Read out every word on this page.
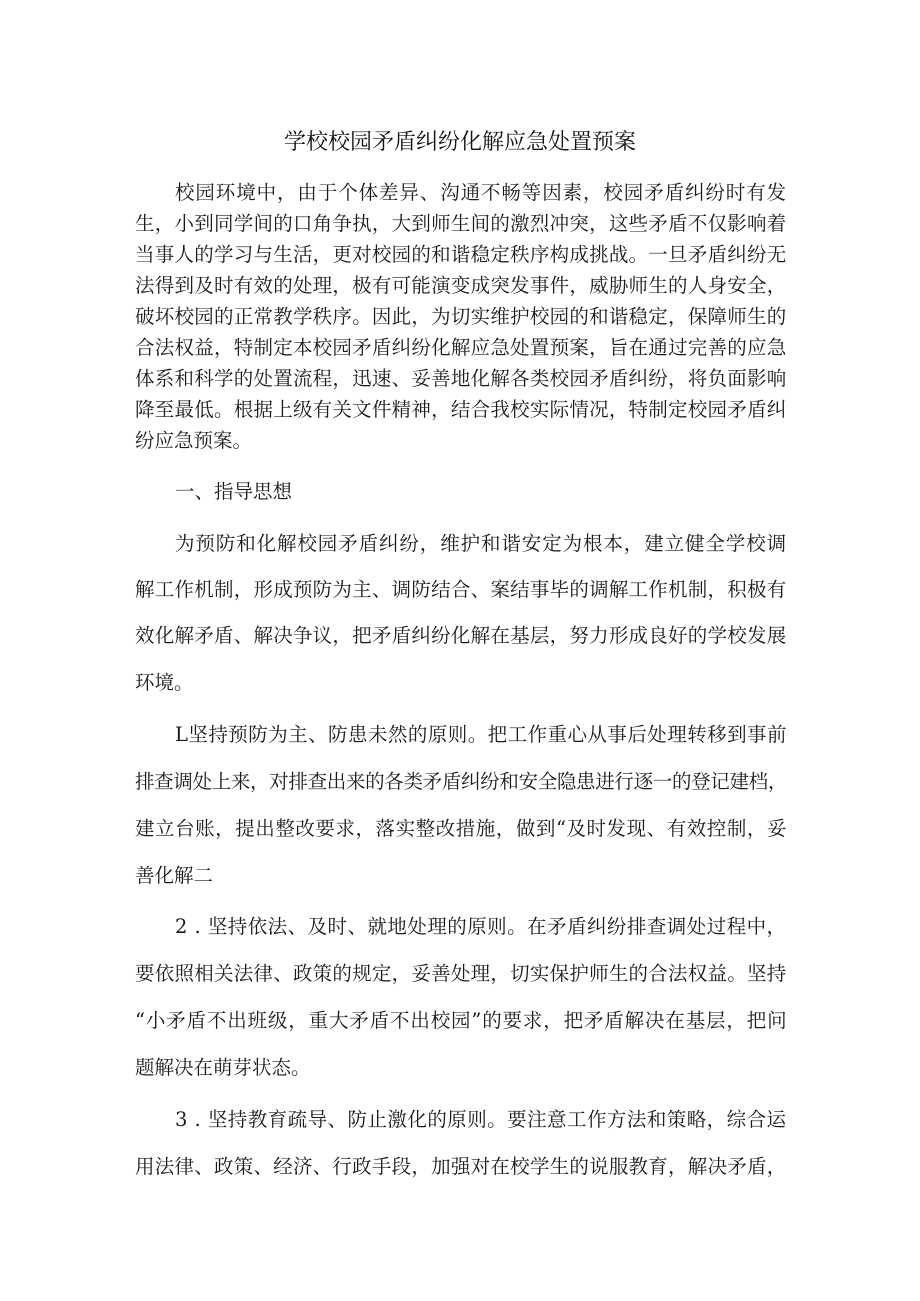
学校校园矛盾纠纷化解应急处置预案
校园环境中，由于个体差异、沟通不畅等因素，校园矛盾纠纷时有发
生，小到同学间的口角争执，大到师生间的激烈冲突，这些矛盾不仅影响着
当事人的学习与生活，更对校园的和谐稳定秩序构成挑战。一旦矛盾纠纷无
法得到及时有效的处理，极有可能演变成突发事件，威胁师生的人身安全，
破坏校园的正常教学秩序。因此，为切实维护校园的和谐稳定，保障师生的
合法权益，特制定本校园矛盾纠纷化解应急处置预案，旨在通过完善的应急
体系和科学的处置流程，迅速、妥善地化解各类校园矛盾纠纷，将负面影响
降至最低。根据上级有关文件精神，结合我校实际情况，特制定校园矛盾纠
纷应急预案。
一、指导思想
为预防和化解校园矛盾纠纷，维护和谐安定为根本，建立健全学校调
解工作机制，形成预防为主、调防结合、案结事毕的调解工作机制，积极有
效化解矛盾、解决争议，把矛盾纠纷化解在基层，努力形成良好的学校发展
环境。
L坚持预防为主、防患未然的原则。把工作重心从事后处理转移到事前
排查调处上来，对排查出来的各类矛盾纠纷和安全隐患进行逐一的登记建档，
建立台账，提出整改要求，落实整改措施，做到“及时发现、有效控制，妥
善化解二
2 . 坚持依法、及时、就地处理的原则。在矛盾纠纷排查调处过程中，
要依照相关法律、政策的规定，妥善处理，切实保护师生的合法权益。坚持
“小矛盾不出班级，重大矛盾不出校园”的要求，把矛盾解决在基层，把问
题解决在萌芽状态。
3 . 坚持教育疏导、防止激化的原则。要注意工作方法和策略，综合运
用法律、政策、经济、行政手段，加强对在校学生的说服教育，解决矛盾，
